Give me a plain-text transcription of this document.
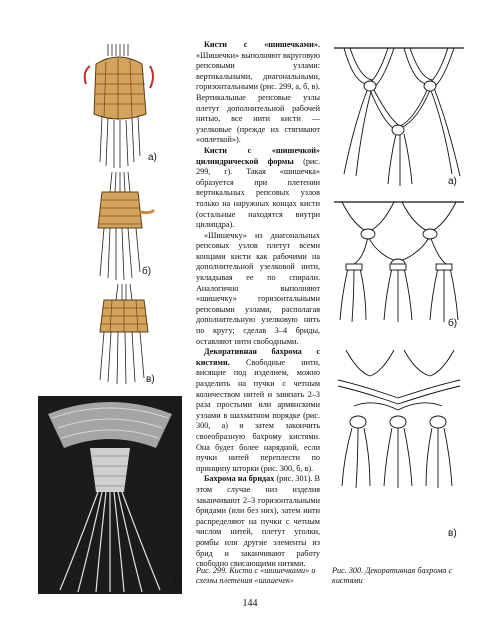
а)
б)
в)
г)

Кисти с «шишечками». «Шишечки» выполняют вкруговую репсовыми узлами: вертикальными, диагональными, горизонтальными (рис. 299, а, б, в). Вертикальные репсовые узлы плетут дополнительной рабочей нитью, все нити кисти — узелковые (прежде их стягивают «оплеткой»).

Кисти с «шишечкой» цилиндрической формы (рис. 299, г). Такая «шишечка» образуется при плетении вертикальных репсовых узлов только на наружных концах кисти (остальные находятся внутри цилиндра).

«Шишечку» из диагональных репсовых узлов плетут всеми концами кисти как рабочими на дополнительной узелковой нити, укладывая ее по спирали. Аналогично выполняют «шишечку» горизонтальными репсовыми узлами, располагая дополнительную узелковую нить по кругу; сделав 3–4 бриды, оставляют нити свободными.

Декоративная бахрома с кистями. Свободные нити, висящие под изделием, можно разделить на пучки с четным количеством нитей и завязать 2–3 раза простыми или армянскими узлами в шахматном порядке (рис. 300, а) и затем закончить своеобразную бахрому кистями. Она будет более нарядной, если пучки нитей переплести по принципу шторки (рис. 300, б, в).

Бахрома на бридах (рис. 301). В этом случае низ изделия заканчивают 2–3 горизонтальными бридами (или без них), затем нити распределяют на пучки с четным числом нитей, плетут уголки, ромбы или другие элементы из брид и заканчивают работу свободно свисающими нитями.

Рис. 299. Кисти с «шишечками» и схемы плетения «шишечек»
а)
б)
в)
Рис. 300. Декоративная бахрома с кистями
144
